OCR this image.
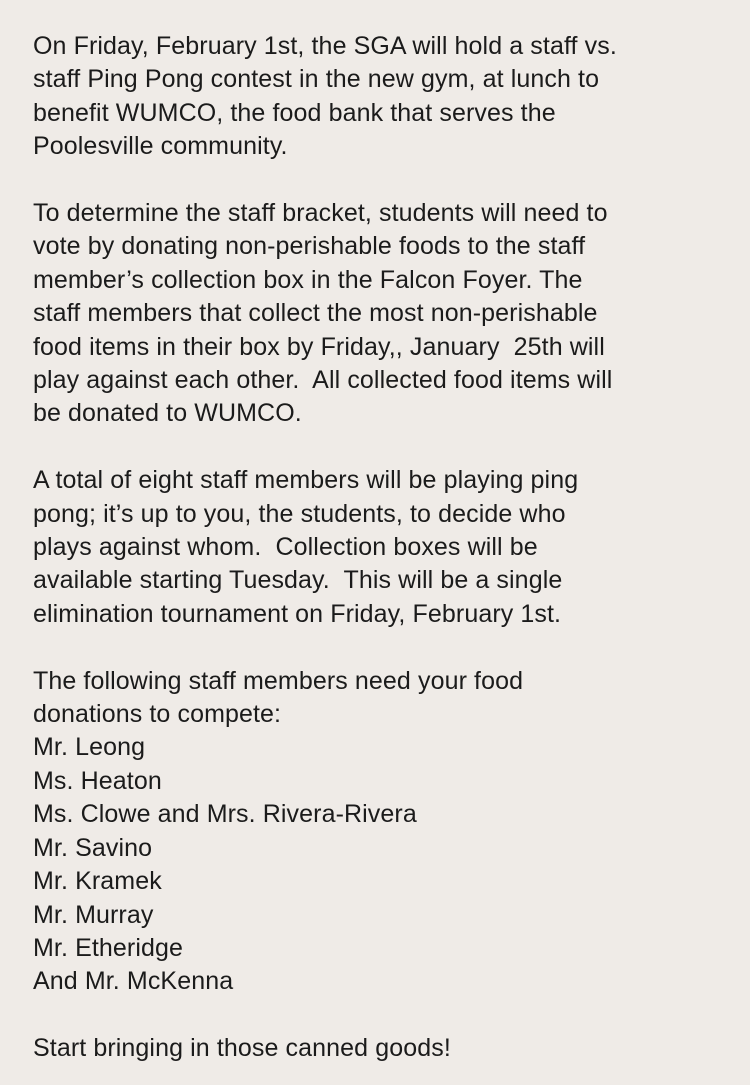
On Friday, February 1st, the SGA will hold a staff vs.

staff Ping Pong contest in the new gym, at lunch to

benefit WUMCO, the food bank that serves the

Poolesville community.

To determine the staff bracket, students will need to

vote by donating non-perishable foods to the staff

member’s collection box in the Falcon Foyer. The

staff members that collect the most non-perishable

food items in their box by Friday,, January  25th will

play against each other.  All collected food items will

be donated to WUMCO.

A total of eight staff members will be playing ping

pong; it’s up to you, the students, to decide who

plays against whom.  Collection boxes will be

available starting Tuesday.  This will be a single

elimination tournament on Friday, February 1st.

The following staff members need your food

donations to compete:

Mr. Leong

Ms. Heaton

Ms. Clowe and Mrs. Rivera-Rivera

Mr. Savino

Mr. Kramek

Mr. Murray

Mr. Etheridge

And Mr. McKenna

Start bringing in those canned goods!
